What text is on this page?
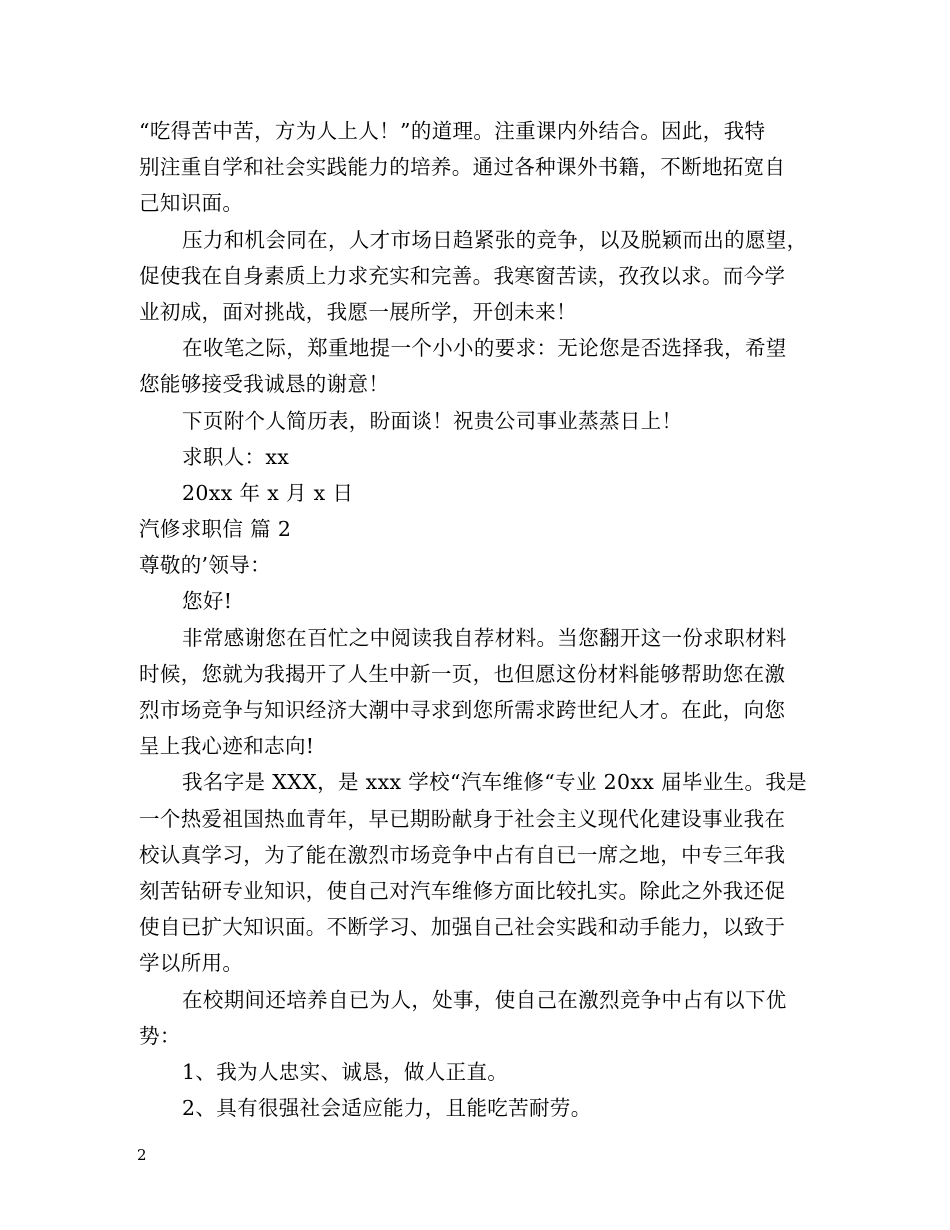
“吃得苦中苦，方为人上人！”的道理。注重课内外结合。因此，我特
别注重自学和社会实践能力的培养。通过各种课外书籍，不断地拓宽自
己知识面。
压力和机会同在，人才市场日趋紧张的竞争，以及脱颖而出的愿望，
促使我在自身素质上力求充实和完善。我寒窗苦读，孜孜以求。而今学
业初成，面对挑战，我愿一展所学，开创未来！
在收笔之际，郑重地提一个小小的要求：无论您是否选择我，希望
您能够接受我诚恳的谢意！
下页附个人简历表，盼面谈！祝贵公司事业蒸蒸日上！
求职人：xx
20xx 年 x 月 x 日
汽修求职信 篇 2
尊敬的’领导：
您好!
非常感谢您在百忙之中阅读我自荐材料。当您翻开这一份求职材料
时候，您就为我揭开了人生中新一页，也但愿这份材料能够帮助您在激
烈市场竞争与知识经济大潮中寻求到您所需求跨世纪人才。在此，向您
呈上我心迹和志向!
我名字是 XXX，是 xxx 学校“汽车维修“专业 20xx 届毕业生。我是
一个热爱祖国热血青年，早已期盼献身于社会主义现代化建设事业我在
校认真学习，为了能在激烈市场竞争中占有自已一席之地，中专三年我
刻苦钻研专业知识，使自己对汽车维修方面比较扎实。除此之外我还促
使自已扩大知识面。不断学习、加强自己社会实践和动手能力，以致于
学以所用。
在校期间还培养自已为人，处事，使自己在激烈竞争中占有以下优
势：
1、我为人忠实、诚恳，做人正直。
2、具有很强社会适应能力，且能吃苦耐劳。
2
